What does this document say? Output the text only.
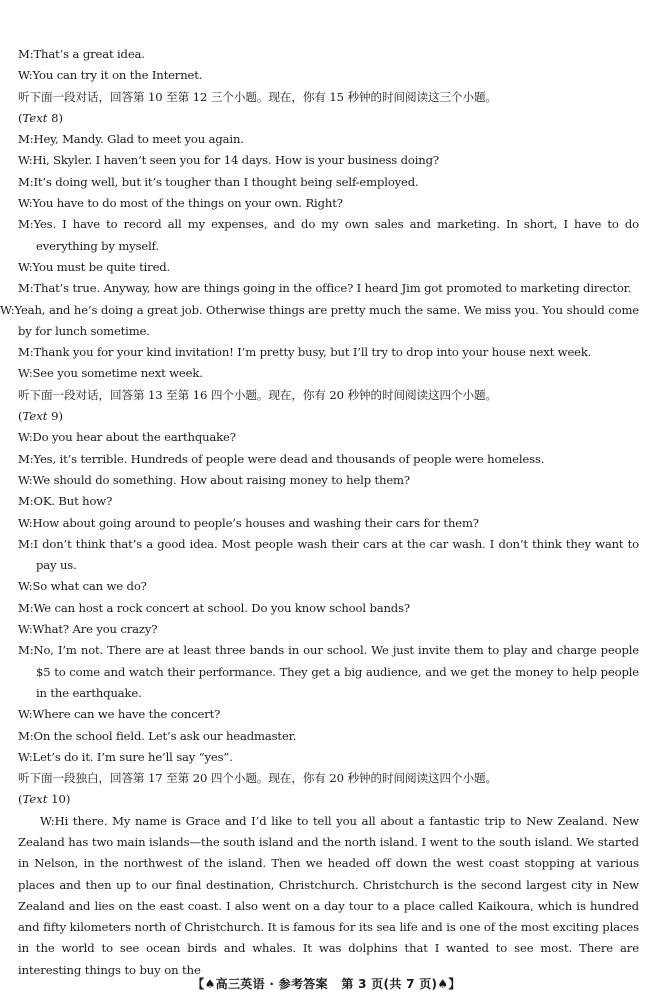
M:That’s a great idea.
W:You can try it on the Internet.
听下面一段对话，回答第 10 至第 12 三个小题。现在，你有 15 秒钟的时间阅读这三个小题。
(Text 8)
M:Hey, Mandy. Glad to meet you again.
W:Hi, Skyler. I haven’t seen you for 14 days. How is your business doing?
M:It’s doing well, but it’s tougher than I thought being self-employed.
W:You have to do most of the things on your own. Right?
M:Yes. I have to record all my expenses, and do my own sales and marketing. In short, I have to do everything by myself.
W:You must be quite tired.
M:That’s true. Anyway, how are things going in the office? I heard Jim got promoted to marketing director.
W:Yeah, and he’s doing a great job. Otherwise things are pretty much the same. We miss you. You should come by for lunch sometime.
M:Thank you for your kind invitation! I’m pretty busy, but I’ll try to drop into your house next week.
W:See you sometime next week.
听下面一段对话，回答第 13 至第 16 四个小题。现在，你有 20 秒钟的时间阅读这四个小题。
(Text 9)
W:Do you hear about the earthquake?
M:Yes, it’s terrible. Hundreds of people were dead and thousands of people were homeless.
W:We should do something. How about raising money to help them?
M:OK. But how?
W:How about going around to people’s houses and washing their cars for them?
M:I don’t think that’s a good idea. Most people wash their cars at the car wash. I don’t think they want to pay us.
W:So what can we do?
M:We can host a rock concert at school. Do you know school bands?
W:What? Are you crazy?
M:No, I’m not. There are at least three bands in our school. We just invite them to play and charge people $5 to come and watch their performance. They get a big audience, and we get the money to help people in the earthquake.
W:Where can we have the concert?
M:On the school field. Let’s ask our headmaster.
W:Let’s do it. I’m sure he’ll say “yes”.
听下面一段独白，回答第 17 至第 20 四个小题。现在，你有 20 秒钟的时间阅读这四个小题。
(Text 10)
W:Hi there. My name is Grace and I’d like to tell you all about a fantastic trip to New Zealand. New Zealand has two main islands—the south island and the north island. I went to the south island. We started in Nelson, in the northwest of the island. Then we headed off down the west coast stopping at various places and then up to our final destination, Christchurch. Christchurch is the second largest city in New Zealand and lies on the east coast. I also went on a day tour to a place called Kaikoura, which is hundred and fifty kilometers north of Christchurch. It is famous for its sea life and is one of the most exciting places in the world to see ocean birds and whales. It was dolphins that I wanted to see most. There are interesting things to buy on the
【♠高三英语 · 参考答案 第 3 页(共 7 页)♠】
